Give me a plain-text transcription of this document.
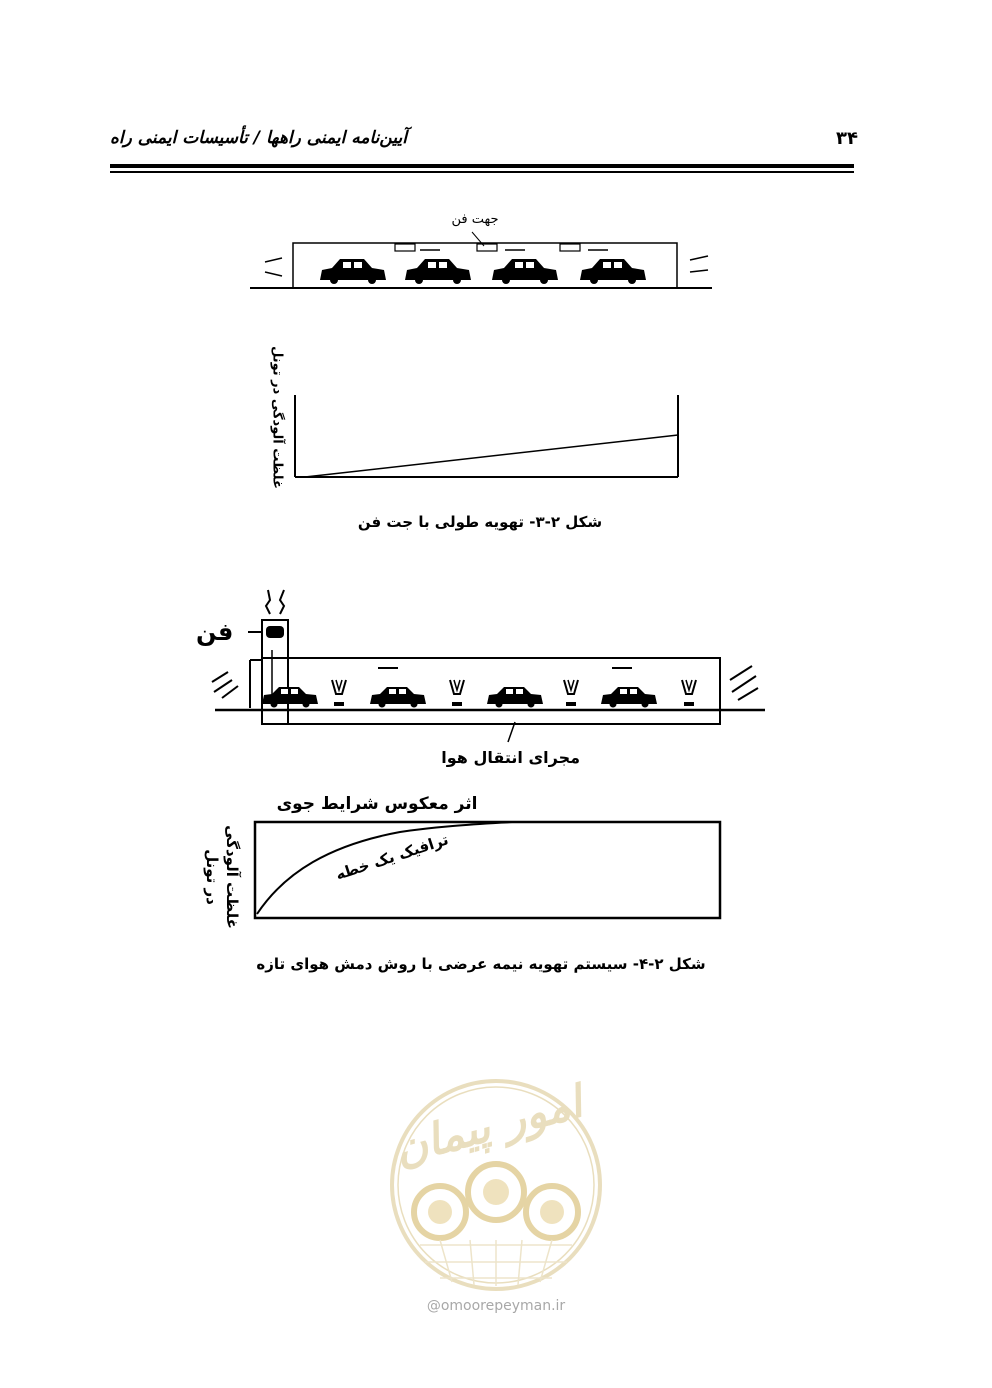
آیین‌نامه ایمنی راهها / تأسیسات ایمنی راه	۳۴
امور پیمان
جهت فن
غلظت آلودگی در تونل
شکل ۲-۳- تهویه طولی با جت فن
فن
مجرای انتقال هوا
اثر معکوس شرایط جوی
ترافیک یک خطه
غلظت آلودگی
در تونل
شکل ۲-۴- سیستم تهویه نیمه عرضی با روش دمش هوای تازه
@omoorepeyman.ir
